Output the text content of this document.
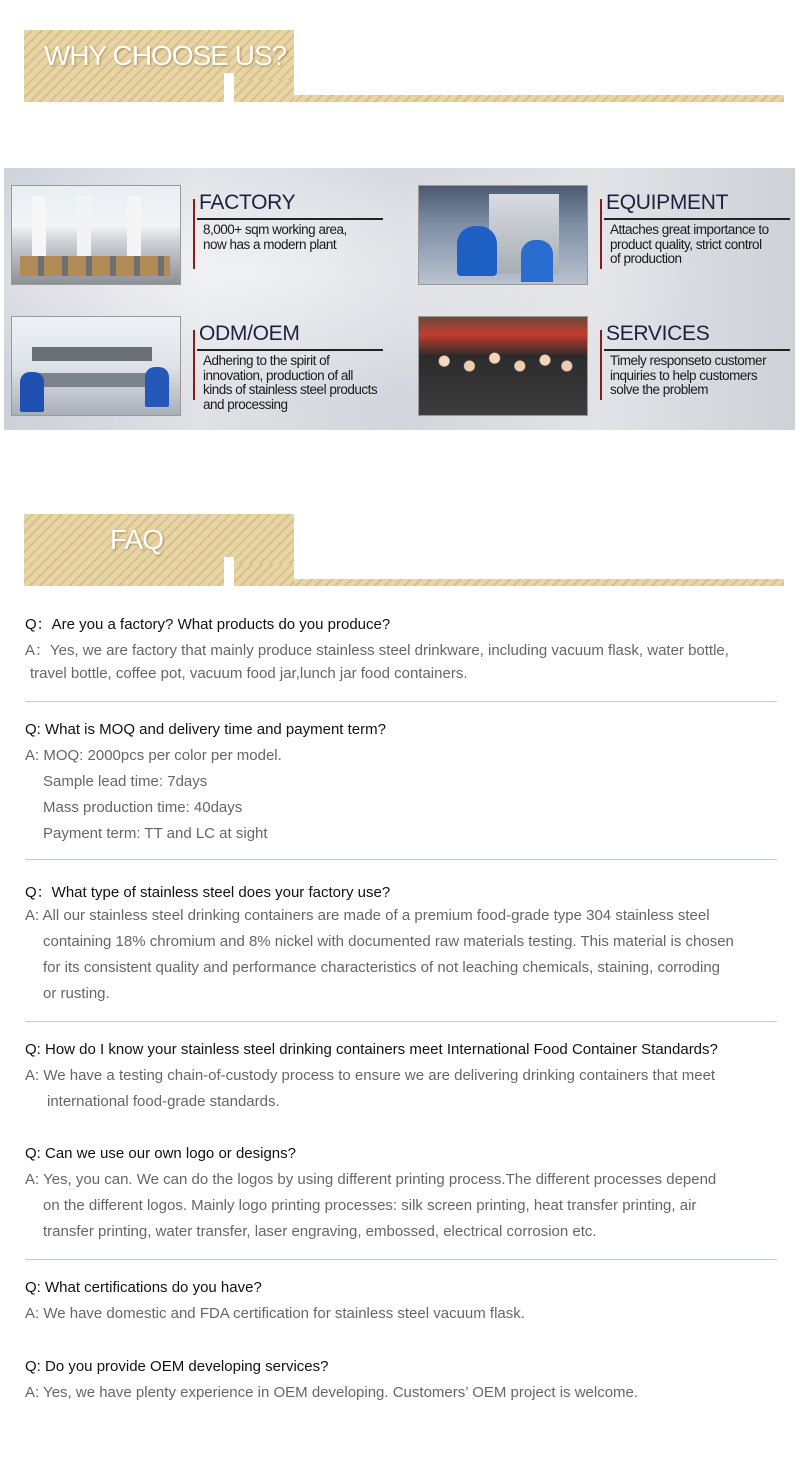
WHY CHOOSE US?
FACTORY
8,000+ sqm working area,
now has a modern plant
EQUIPMENT
Attaches great importance to
product quality, strict control
of production
ODM/OEM
Adhering to the spirit of
innovation, production of all
kinds of stainless steel products
and processing
SERVICES
Timely responseto customer
inquiries to help customers
solve the problem
FAQ
Q：Are you a factory? What products do you produce?
A：Yes, we are factory that mainly produce stainless steel drinkware, including vacuum flask, water bottle,
travel bottle, coffee pot, vacuum food jar,lunch jar food containers.
Q: What is MOQ and delivery time and payment term?
A: MOQ: 2000pcs per color per model.
Sample lead time: 7days
Mass production time: 40days
Payment term: TT and LC at sight
Q：What type of stainless steel does your factory use?
A: All our stainless steel drinking containers are made of a premium food-grade type 304 stainless steel
containing 18% chromium and 8% nickel with documented raw materials testing. This material is chosen
for its consistent quality and performance characteristics of not leaching chemicals, staining, corroding
or rusting.
Q: How do I know your stainless steel drinking containers meet International Food Container Standards?
A: We have a testing chain-of-custody process to ensure we are delivering drinking containers that meet
international food-grade standards.
Q: Can we use our own logo or designs?
A: Yes, you can. We can do the logos by using different printing process.The different processes depend
on the different logos. Mainly logo printing processes: silk screen printing, heat transfer printing, air
transfer printing, water transfer, laser engraving, embossed, electrical corrosion etc.
Q: What certifications do you have?
A: We have domestic and FDA certification for stainless steel vacuum flask.
Q: Do you provide OEM developing services?
A: Yes, we have plenty experience in OEM developing. Customers’ OEM project is welcome.
